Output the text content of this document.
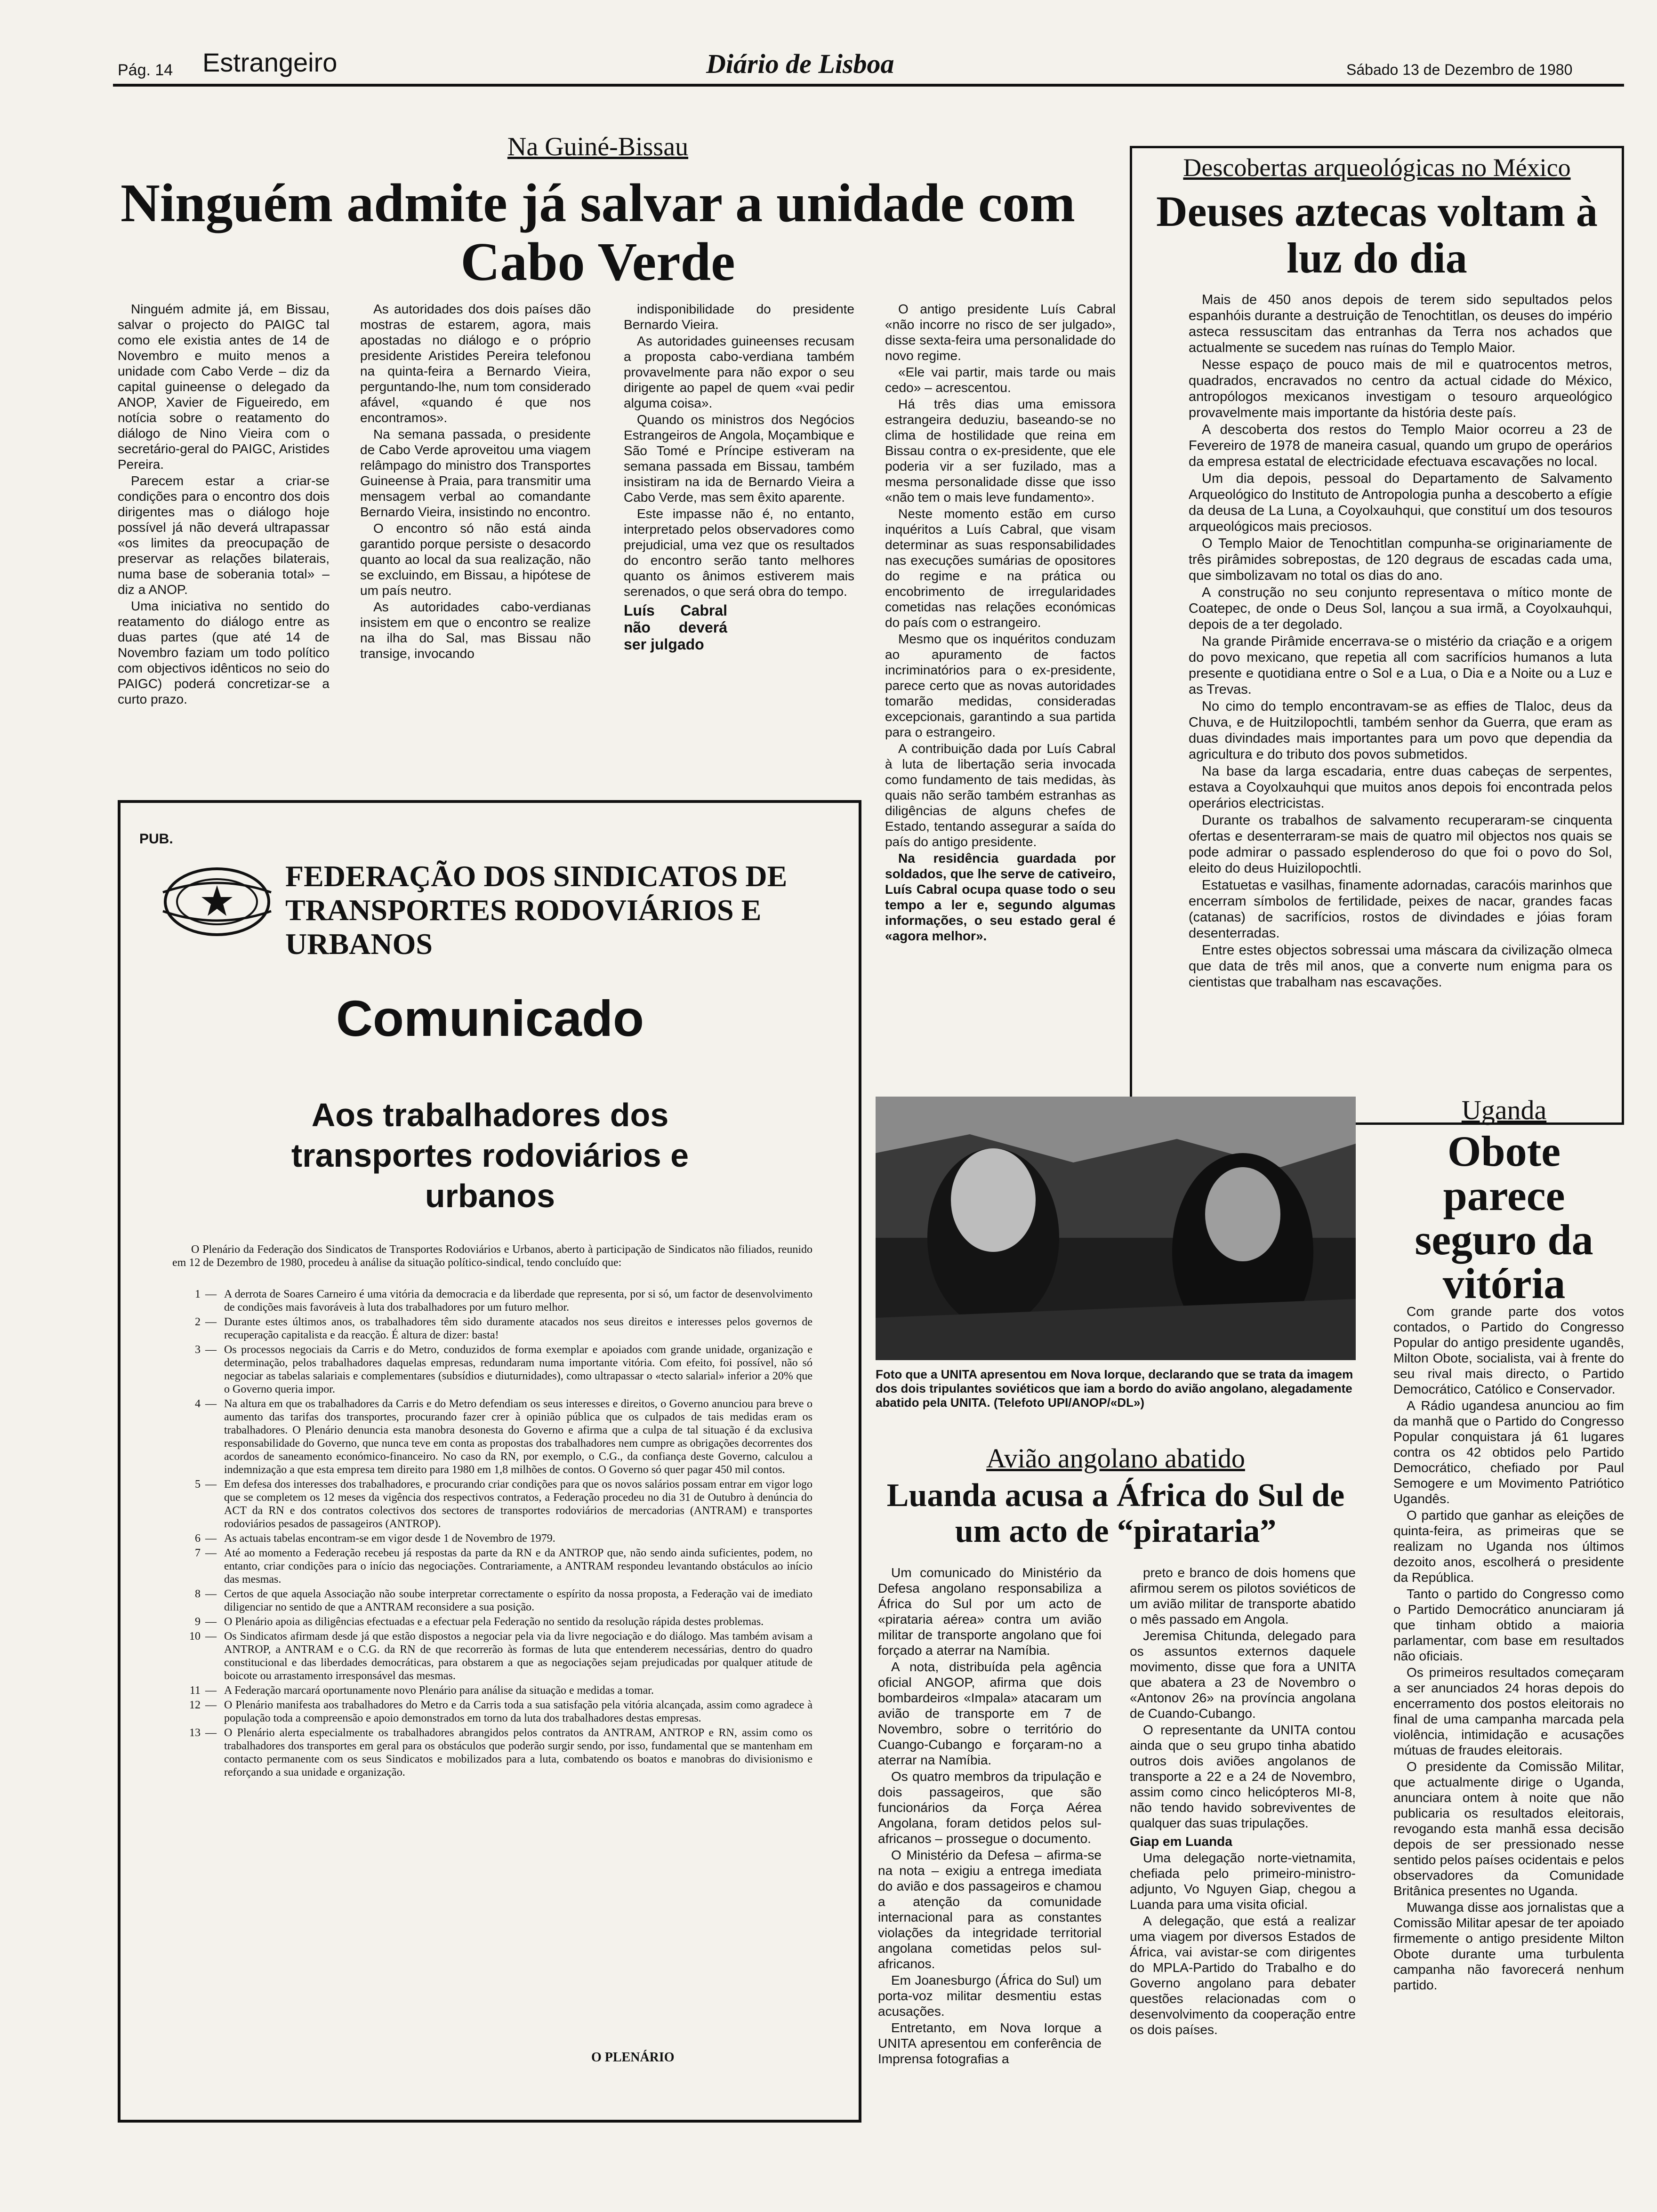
Pág. 14 Estrangeiro	Diário de Lisboa	Sábado 13 de Dezembro de 1980
Na Guiné-Bissau
Ninguém admite já salvar a unidade com Cabo Verde

Ninguém admite já, em Bissau, salvar o projecto do PAIGC tal como ele existia antes de 14 de Novembro e muito menos a unidade com Cabo Verde – diz da capital guineense o delegado da ANOP, Xavier de Figueiredo, em notícia sobre o reatamento do diálogo de Nino Vieira com o secretário-geral do PAIGC, Aristides Pereira.

Parecem estar a criar-se condições para o encontro dos dois dirigentes mas o diálogo hoje possível já não deverá ultrapassar «os limites da preocupação de preservar as relações bilaterais, numa base de soberania total» – diz a ANOP.

Uma iniciativa no sentido do reatamento do diálogo entre as duas partes (que até 14 de Novembro faziam um todo político com objectivos idênticos no seio do PAIGC) poderá concretizar-se a curto prazo.

As autoridades dos dois países dão mostras de estarem, agora, mais apostadas no diálogo e o próprio presidente Aristides Pereira telefonou na quinta-feira a Bernardo Vieira, perguntando-lhe, num tom considerado afável, «quando é que nos encontramos».

Na semana passada, o presidente de Cabo Verde aproveitou uma viagem relâmpago do ministro dos Transportes Guineense à Praia, para transmitir uma mensagem verbal ao comandante Bernardo Vieira, insistindo no encontro.

O encontro só não está ainda garantido porque persiste o desacordo quanto ao local da sua realização, não se excluindo, em Bissau, a hipótese de um país neutro.

As autoridades cabo-verdianas insistem em que o encontro se realize na ilha do Sal, mas Bissau não transige, invocando

indisponibilidade do presidente Bernardo Vieira.

As autoridades guineenses recusam a proposta cabo-verdiana também provavelmente para não expor o seu dirigente ao papel de quem «vai pedir alguma coisa».

Quando os ministros dos Negócios Estrangeiros de Angola, Moçambique e São Tomé e Príncipe estiveram na semana passada em Bissau, também insistiram na ida de Bernardo Vieira a Cabo Verde, mas sem êxito aparente.

Este impasse não é, no entanto, interpretado pelos observadores como prejudicial, uma vez que os resultados do encontro serão tanto melhores quanto os ânimos estiverem mais serenados, o que será obra do tempo.

Luís Cabral não deverá ser julgado

O antigo presidente Luís Cabral «não incorre no risco de ser julgado», disse sexta-feira uma personalidade do novo regime.

«Ele vai partir, mais tarde ou mais cedo» – acrescentou.

Há três dias uma emissora estrangeira deduziu, baseando-se no clima de hostilidade que reina em Bissau contra o ex-presidente, que ele poderia vir a ser fuzilado, mas a mesma personalidade disse que isso «não tem o mais leve fundamento».

Neste momento estão em curso inquéritos a Luís Cabral, que visam determinar as suas responsabilidades nas execuções sumárias de opositores do regime e na prática ou encobrimento de irregularidades cometidas nas relações económicas do país com o estrangeiro.

Mesmo que os inquéritos conduzam ao apuramento de factos incriminatórios para o ex-presidente, parece certo que as novas autoridades tomarão medidas, consideradas excepcionais, garantindo a sua partida para o estrangeiro.

A contribuição dada por Luís Cabral à luta de libertação seria invocada como fundamento de tais medidas, às quais não serão também estranhas as diligências de alguns chefes de Estado, tentando assegurar a saída do país do antigo presidente.

Na residência guardada por soldados, que lhe serve de cativeiro, Luís Cabral ocupa quase todo o seu tempo a ler e, segundo algumas informações, o seu estado geral é «agora melhor».

Descobertas arqueológicas no México
Deuses aztecas voltam à luz do dia

Mais de 450 anos depois de terem sido sepultados pelos espanhóis durante a destruição de Tenochtitlan, os deuses do império asteca ressuscitam das entranhas da Terra nos achados que actualmente se sucedem nas ruínas do Templo Maior.

Nesse espaço de pouco mais de mil e quatrocentos metros, quadrados, encravados no centro da actual cidade do México, antropólogos mexicanos investigam o tesouro arqueológico provavelmente mais importante da história deste país.

A descoberta dos restos do Templo Maior ocorreu a 23 de Fevereiro de 1978 de maneira casual, quando um grupo de operários da empresa estatal de electricidade efectuava escavações no local.

Um dia depois, pessoal do Departamento de Salvamento Arqueológico do Instituto de Antropologia punha a descoberto a efígie da deusa de La Luna, a Coyolxauhqui, que constituí um dos tesouros arqueológicos mais preciosos.

O Templo Maior de Tenochtitlan compunha-se originariamente de três pirâmides sobrepostas, de 120 degraus de escadas cada uma, que simbolizavam no total os dias do ano.

A construção no seu conjunto representava o mítico monte de Coatepec, de onde o Deus Sol, lançou a sua irmã, a Coyolxauhqui, depois de a ter degolado.

Na grande Pirâmide encerrava-se o mistério da criação e a origem do povo mexicano, que repetia all com sacrifícios humanos a luta presente e quotidiana entre o Sol e a Lua, o Dia e a Noite ou a Luz e as Trevas.

No cimo do templo encontravam-se as effies de Tlaloc, deus da Chuva, e de Huitzilopochtli, também senhor da Guerra, que eram as duas divindades mais importantes para um povo que dependia da agricultura e do tributo dos povos submetidos.

Na base da larga escadaria, entre duas cabeças de serpentes, estava a Coyolxauhqui que muitos anos depois foi encontrada pelos operários electricistas.

Durante os trabalhos de salvamento recuperaram-se cinquenta ofertas e desenterraram-se mais de quatro mil objectos nos quais se pode admirar o passado esplenderoso do que foi o povo do Sol, eleito do deus Huizilopochtli.

Estatuetas e vasilhas, finamente adornadas, caracóis marinhos que encerram símbolos de fertilidade, peixes de nacar, grandes facas (catanas) de sacrifícios, rostos de divindades e jóias foram desenterradas.

Entre estes objectos sobressai uma máscara da civilização olmeca que data de três mil anos, que a converte num enigma para os cientistas que trabalham nas escavações.

PUB.
FEDERAÇÃO DOS SINDICATOS DE TRANSPORTES RODOVIÁRIOS E URBANOS
Comunicado
Aos trabalhadores dos transportes rodoviários e urbanos
O Plenário da Federação dos Sindicatos de Transportes Rodoviários e Urbanos, aberto à participação de Sindicatos não filiados, reunido em 12 de Dezembro de 1980, procedeu à análise da situação político-sindical, tendo concluído que:
1 — A derrota de Soares Carneiro é uma vitória da democracia e da liberdade que representa, por si só, um factor de desenvolvimento de condições mais favoráveis à luta dos trabalhadores por um futuro melhor.
2 — Durante estes últimos anos, os trabalhadores têm sido duramente atacados nos seus direitos e interesses pelos governos de recuperação capitalista e da reacção. É altura de dizer: basta!
3 — Os processos negociais da Carris e do Metro, conduzidos de forma exemplar e apoiados com grande unidade, organização e determinação, pelos trabalhadores daquelas empresas, redundaram numa importante vitória. Com efeito, foi possível, não só negociar as tabelas salariais e complementares (subsídios e diuturnidades), como ultrapassar o «tecto salarial» inferior a 20% que o Governo queria impor.
4 — Na altura em que os trabalhadores da Carris e do Metro defendiam os seus interesses e direitos, o Governo anunciou para breve o aumento das tarifas dos transportes, procurando fazer crer à opinião pública que os culpados de tais medidas eram os trabalhadores. O Plenário denuncia esta manobra desonesta do Governo e afirma que a culpa de tal situação é da exclusiva responsabilidade do Governo, que nunca teve em conta as propostas dos trabalhadores nem cumpre as obrigações decorrentes dos acordos de saneamento económico-financeiro. No caso da RN, por exemplo, o C.G., da confiança deste Governo, calculou a indemnização a que esta empresa tem direito para 1980 em 1,8 milhões de contos. O Governo só quer pagar 450 mil contos.
5 — Em defesa dos interesses dos trabalhadores, e procurando criar condições para que os novos salários possam entrar em vigor logo que se completem os 12 meses da vigência dos respectivos contratos, a Federação procedeu no dia 31 de Outubro à denúncia do ACT da RN e dos contratos colectivos dos sectores de transportes rodoviários de mercadorias (ANTRAM) e transportes rodoviários pesados de passageiros (ANTROP).
6 — As actuais tabelas encontram-se em vigor desde 1 de Novembro de 1979.
7 — Até ao momento a Federação recebeu já respostas da parte da RN e da ANTROP que, não sendo ainda suficientes, podem, no entanto, criar condições para o início das negociações. Contrariamente, a ANTRAM respondeu levantando obstáculos ao início das mesmas.
8 — Certos de que aquela Associação não soube interpretar correctamente o espírito da nossa proposta, a Federação vai de imediato diligenciar no sentido de que a ANTRAM reconsidere a sua posição.
9 — O Plenário apoia as diligências efectuadas e a efectuar pela Federação no sentido da resolução rápida destes problemas.
10 — Os Sindicatos afirmam desde já que estão dispostos a negociar pela via da livre negociação e do diálogo. Mas também avisam a ANTROP, a ANTRAM e o C.G. da RN de que recorrerão às formas de luta que entenderem necessárias, dentro do quadro constitucional e das liberdades democráticas, para obstarem a que as negociações sejam prejudicadas por qualquer atitude de boicote ou arrastamento irresponsável das mesmas.
11 — A Federação marcará oportunamente novo Plenário para análise da situação e medidas a tomar.
12 — O Plenário manifesta aos trabalhadores do Metro e da Carris toda a sua satisfação pela vitória alcançada, assim como agradece à população toda a compreensão e apoio demonstrados em torno da luta dos trabalhadores destas empresas.
13 — O Plenário alerta especialmente os trabalhadores abrangidos pelos contratos da ANTRAM, ANTROP e RN, assim como os trabalhadores dos transportes em geral para os obstáculos que poderão surgir sendo, por isso, fundamental que se mantenham em contacto permanente com os seus Sindicatos e mobilizados para a luta, combatendo os boatos e manobras do divisionismo e reforçando a sua unidade e organização.
O PLENÁRIO
Foto que a UNITA apresentou em Nova Iorque, declarando que se trata da imagem dos dois tripulantes soviéticos que iam a bordo do avião angolano, alegadamente abatido pela UNITA. (Telefoto UPI/ANOP/«DL»)
Avião angolano abatido
Luanda acusa a África do Sul de um acto de “pirataria”

Um comunicado do Ministério da Defesa angolano responsabiliza a África do Sul por um acto de «pirataria aérea» contra um avião militar de transporte angolano que foi forçado a aterrar na Namíbia.

A nota, distribuída pela agência oficial ANGOP, afirma que dois bombardeiros «Impala» atacaram um avião de transporte em 7 de Novembro, sobre o território do Cuango-Cubango e forçaram-no a aterrar na Namíbia.

Os quatro membros da tripulação e dois passageiros, que são funcionários da Força Aérea Angolana, foram detidos pelos sul-africanos – prossegue o documento.

O Ministério da Defesa – afirma-se na nota – exigiu a entrega imediata do avião e dos passageiros e chamou a atenção da comunidade internacional para as constantes violações da integridade territorial angolana cometidas pelos sul-africanos.

Em Joanesburgo (África do Sul) um porta-voz militar desmentiu estas acusações.

Entretanto, em Nova Iorque a UNITA apresentou em conferência de Imprensa fotografias a

preto e branco de dois homens que afirmou serem os pilotos soviéticos de um avião militar de transporte abatido o mês passado em Angola.

Jeremisa Chitunda, delegado para os assuntos externos daquele movimento, disse que fora a UNITA que abatera a 23 de Novembro o «Antonov 26» na província angolana de Cuando-Cubango.

O representante da UNITA contou ainda que o seu grupo tinha abatido outros dois aviões angolanos de transporte a 22 e a 24 de Novembro, assim como cinco helicópteros MI-8, não tendo havido sobreviventes de qualquer das suas tripulações.

Giap em Luanda

Uma delegação norte-vietnamita, chefiada pelo primeiro-ministro-adjunto, Vo Nguyen Giap, chegou a Luanda para uma visita oficial.

A delegação, que está a realizar uma viagem por diversos Estados de África, vai avistar-se com dirigentes do MPLA-Partido do Trabalho e do Governo angolano para debater questões relacionadas com o desenvolvimento da cooperação entre os dois países.

Uganda
Obote parece seguro da vitória

Com grande parte dos votos contados, o Partido do Congresso Popular do antigo presidente ugandês, Milton Obote, socialista, vai à frente do seu rival mais directo, o Partido Democrático, Católico e Conservador.

A Rádio ugandesa anunciou ao fim da manhã que o Partido do Congresso Popular conquistara já 61 lugares contra os 42 obtidos pelo Partido Democrático, chefiado por Paul Semogere e um Movimento Patriótico Ugandês.

O partido que ganhar as eleições de quinta-feira, as primeiras que se realizam no Uganda nos últimos dezoito anos, escolherá o presidente da República.

Tanto o partido do Congresso como o Partido Democrático anunciaram já que tinham obtido a maioria parlamentar, com base em resultados não oficiais.

Os primeiros resultados começaram a ser anunciados 24 horas depois do encerramento dos postos eleitorais no final de uma campanha marcada pela violência, intimidação e acusações mútuas de fraudes eleitorais.

O presidente da Comissão Militar, que actualmente dirige o Uganda, anunciara ontem à noite que não publicaria os resultados eleitorais, revogando esta manhã essa decisão depois de ser pressionado nesse sentido pelos países ocidentais e pelos observadores da Comunidade Britânica presentes no Uganda.

Muwanga disse aos jornalistas que a Comissão Militar apesar de ter apoiado firmemente o antigo presidente Milton Obote durante uma turbulenta campanha não favorecerá nenhum partido.
